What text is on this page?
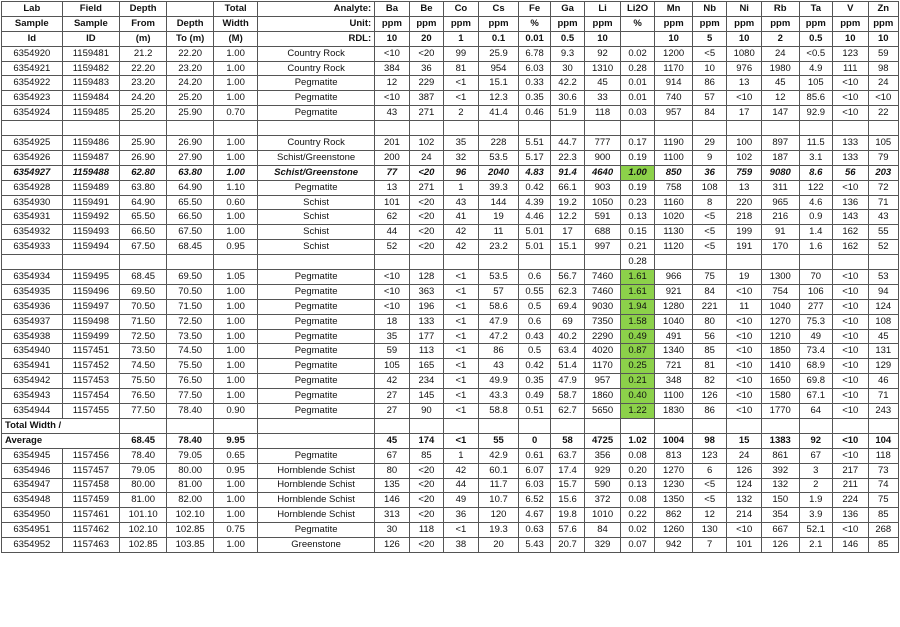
Lab	Field	Depth		Total	Analyte:	Ba	Be	Co	Cs	Fe	Ga	Li	Li2O	Mn	Nb	Ni	Rb	Ta	V	Zn
Sample	Sample	From	Depth	Width	Unit:	ppm	ppm	ppm	ppm	%	ppm	ppm	%	ppm	ppm	ppm	ppm	ppm	ppm	ppm
Id	ID	(m)	To (m)	(M)	RDL:	10	20	1	0.1	0.01	0.5	10		10	5	10	2	0.5	10	10
6354920	1159481	21.2	22.20	1.00	Country Rock	<10	<20	99	25.9	6.78	9.3	92	0.02	1200	<5	1080	24	<0.5	123	59
6354921	1159482	22.20	23.20	1.00	Country Rock	384	36	81	954	6.03	30	1310	0.28	1170	10	976	1980	4.9	111	98
6354922	1159483	23.20	24.20	1.00	Pegmatite	12	229	<1	15.1	0.33	42.2	45	0.01	914	86	13	45	105	<10	24
6354923	1159484	24.20	25.20	1.00	Pegmatite	<10	387	<1	12.3	0.35	30.6	33	0.01	740	57	<10	12	85.6	<10	<10
6354924	1159485	25.20	25.90	0.70	Pegmatite	43	271	2	41.4	0.46	51.9	118	0.03	957	84	17	147	92.9	<10	22

6354925	1159486	25.90	26.90	1.00	Country Rock	201	102	35	228	5.51	44.7	777	0.17	1190	29	100	897	11.5	133	105
6354926	1159487	26.90	27.90	1.00	Schist/Greenstone	200	24	32	53.5	5.17	22.3	900	0.19	1100	9	102	187	3.1	133	79
6354927	1159488	62.80	63.80	1.00	Schist/Greenstone	77	<20	96	2040	4.83	91.4	4640	1.00	850	36	759	9080	8.6	56	203
6354928	1159489	63.80	64.90	1.10	Pegmatite	13	271	1	39.3	0.42	66.1	903	0.19	758	108	13	311	122	<10	72
6354930	1159491	64.90	65.50	0.60	Schist	101	<20	43	144	4.39	19.2	1050	0.23	1160	8	220	965	4.6	136	71
6354931	1159492	65.50	66.50	1.00	Schist	62	<20	41	19	4.46	12.2	591	0.13	1020	<5	218	216	0.9	143	43
6354932	1159493	66.50	67.50	1.00	Schist	44	<20	42	11	5.01	17	688	0.15	1130	<5	199	91	1.4	162	55
6354933	1159494	67.50	68.45	0.95	Schist	52	<20	42	23.2	5.01	15.1	997	0.21	1120	<5	191	170	1.6	162	52
													0.28							
6354934	1159495	68.45	69.50	1.05	Pegmatite	<10	128	<1	53.5	0.6	56.7	7460	1.61	966	75	19	1300	70	<10	53
6354935	1159496	69.50	70.50	1.00	Pegmatite	<10	363	<1	57	0.55	62.3	7460	1.61	921	84	<10	754	106	<10	94
6354936	1159497	70.50	71.50	1.00	Pegmatite	<10	196	<1	58.6	0.5	69.4	9030	1.94	1280	221	11	1040	277	<10	124
6354937	1159498	71.50	72.50	1.00	Pegmatite	18	133	<1	47.9	0.6	69	7350	1.58	1040	80	<10	1270	75.3	<10	108
6354938	1159499	72.50	73.50	1.00	Pegmatite	35	177	<1	47.2	0.43	40.2	2290	0.49	491	56	<10	1210	49	<10	45
6354940	1157451	73.50	74.50	1.00	Pegmatite	59	113	<1	86	0.5	63.4	4020	0.87	1340	85	<10	1850	73.4	<10	131
6354941	1157452	74.50	75.50	1.00	Pegmatite	105	165	<1	43	0.42	51.4	1170	0.25	721	81	<10	1410	68.9	<10	129
6354942	1157453	75.50	76.50	1.00	Pegmatite	42	234	<1	49.9	0.35	47.9	957	0.21	348	82	<10	1650	69.8	<10	46
6354943	1157454	76.50	77.50	1.00	Pegmatite	27	145	<1	43.3	0.49	58.7	1860	0.40	1100	126	<10	1580	67.1	<10	71
6354944	1157455	77.50	78.40	0.90	Pegmatite	27	90	<1	58.8	0.51	62.7	5650	1.22	1830	86	<10	1770	64	<10	243
Total Width /																				
Average		68.45	78.40	9.95		45	174	<1	55	0	58	4725	1.02	1004	98	15	1383	92	<10	104
6354945	1157456	78.40	79.05	0.65	Pegmatite	67	85	1	42.9	0.61	63.7	356	0.08	813	123	24	861	67	<10	118
6354946	1157457	79.05	80.00	0.95	Hornblende Schist	80	<20	42	60.1	6.07	17.4	929	0.20	1270	6	126	392	3	217	73
6354947	1157458	80.00	81.00	1.00	Hornblende Schist	135	<20	44	11.7	6.03	15.7	590	0.13	1230	<5	124	132	2	211	74
6354948	1157459	81.00	82.00	1.00	Hornblende Schist	146	<20	49	10.7	6.52	15.6	372	0.08	1350	<5	132	150	1.9	224	75
6354950	1157461	101.10	102.10	1.00	Hornblende Schist	313	<20	36	120	4.67	19.8	1010	0.22	862	12	214	354	3.9	136	85
6354951	1157462	102.10	102.85	0.75	Pegmatite	30	118	<1	19.3	0.63	57.6	84	0.02	1260	130	<10	667	52.1	<10	268
6354952	1157463	102.85	103.85	1.00	Greenstone	126	<20	38	20	5.43	20.7	329	0.07	942	7	101	126	2.1	146	85
